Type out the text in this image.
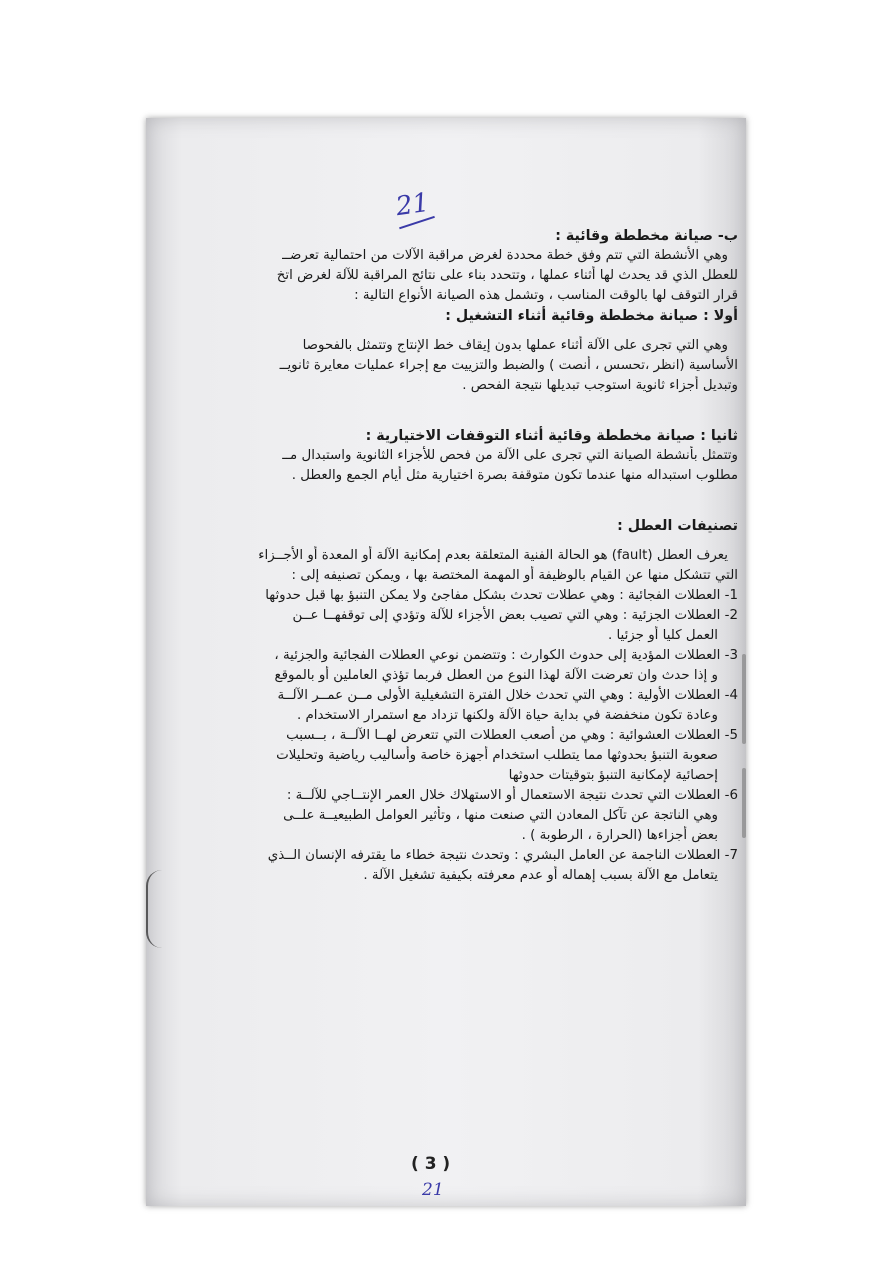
21

ب- صيانة مخططة وقائية :

وهي الأنشطة التي تتم وفق خطة محددة لغرض مراقبة الآلات من احتمالية تعرضــ

للعطل الذي قد يحدث لها أثناء عملها ، وتتحدد بناء على نتائج المراقبة للآلة لغرض اتخ

قرار التوقف لها بالوقت المناسب ، وتشمل هذه الصيانة الأنواع التالية :

أولا : صيانة مخططة وقائية أثناء التشغيل :

وهي التي تجرى على الآلة أثناء عملها بدون إيقاف خط الإنتاج وتتمثل بالفحوصا

الأساسية (انظر ،تحسس ، أنصت ) والضبط والتزييت مع إجراء عمليات معايرة ثانويــ

وتبديل أجزاء ثانوية استوجب تبديلها نتيجة الفحص .

ثانيا : صيانة مخططة وقائية أثناء التوقفات الاختيارية :

وتتمثل بأنشطة الصيانة التي تجرى على الآلة من فحص للأجزاء الثانوية واستبدال مــ

مطلوب استبداله منها عندما تكون متوقفة بصرة اختيارية مثل أيام الجمع والعطل .

تصنيفات العطل :

يعرف العطل (fault) هو الحالة الفنية المتعلقة بعدم إمكانية الآلة أو المعدة أو الأجــزاء

التي تتشكل منها عن القيام بالوظيفة أو المهمة المختصة بها ، ويمكن تصنيفه إلى :

1- العطلات الفجائية : وهي عطلات تحدث بشكل مفاجئ ولا يمكن التنبؤ بها قبل حدوثها

2- العطلات الجزئية : وهي التي تصيب بعض الأجزاء للآلة وتؤدي إلى توقفهــا عــن

العمل كليا أو جزئيا .

3- العطلات المؤدية إلى حدوث الكوارث : وتتضمن نوعي العطلات الفجائية والجزئية ،

و إذا حدث وان تعرضت الآلة لهذا النوع من العطل فربما تؤذي العاملين أو بالموقع

4- العطلات الأولية : وهي التي تحدث خلال الفترة التشغيلية الأولى مــن عمــر الآلــة

وعادة تكون منخفضة في بداية حياة الآلة ولكنها تزداد مع استمرار الاستخدام .

5- العطلات العشوائية : وهي من أصعب العطلات التي تتعرض لهــا الآلــة ، بــسبب

صعوبة التنبؤ بحدوثها مما يتطلب استخدام أجهزة خاصة وأساليب رياضية وتحليلات

إحصائية لإمكانية التنبؤ بتوقيتات حدوثها

6- العطلات التي تحدث نتيجة الاستعمال أو الاستهلاك خلال العمر الإنتــاجي للآلــة :

وهي الناتجة عن تآكل المعادن التي صنعت منها ، وتأثير العوامل الطبيعيــة علــى

بعض أجزاءها (الحرارة ، الرطوبة ) .

7- العطلات الناجمة عن العامل البشري : وتحدث نتيجة خطاء ما يقترفه الإنسان الــذي

يتعامل مع الآلة بسبب إهماله أو عدم معرفته بكيفية تشغيل الآلة .

( 3 )
21
